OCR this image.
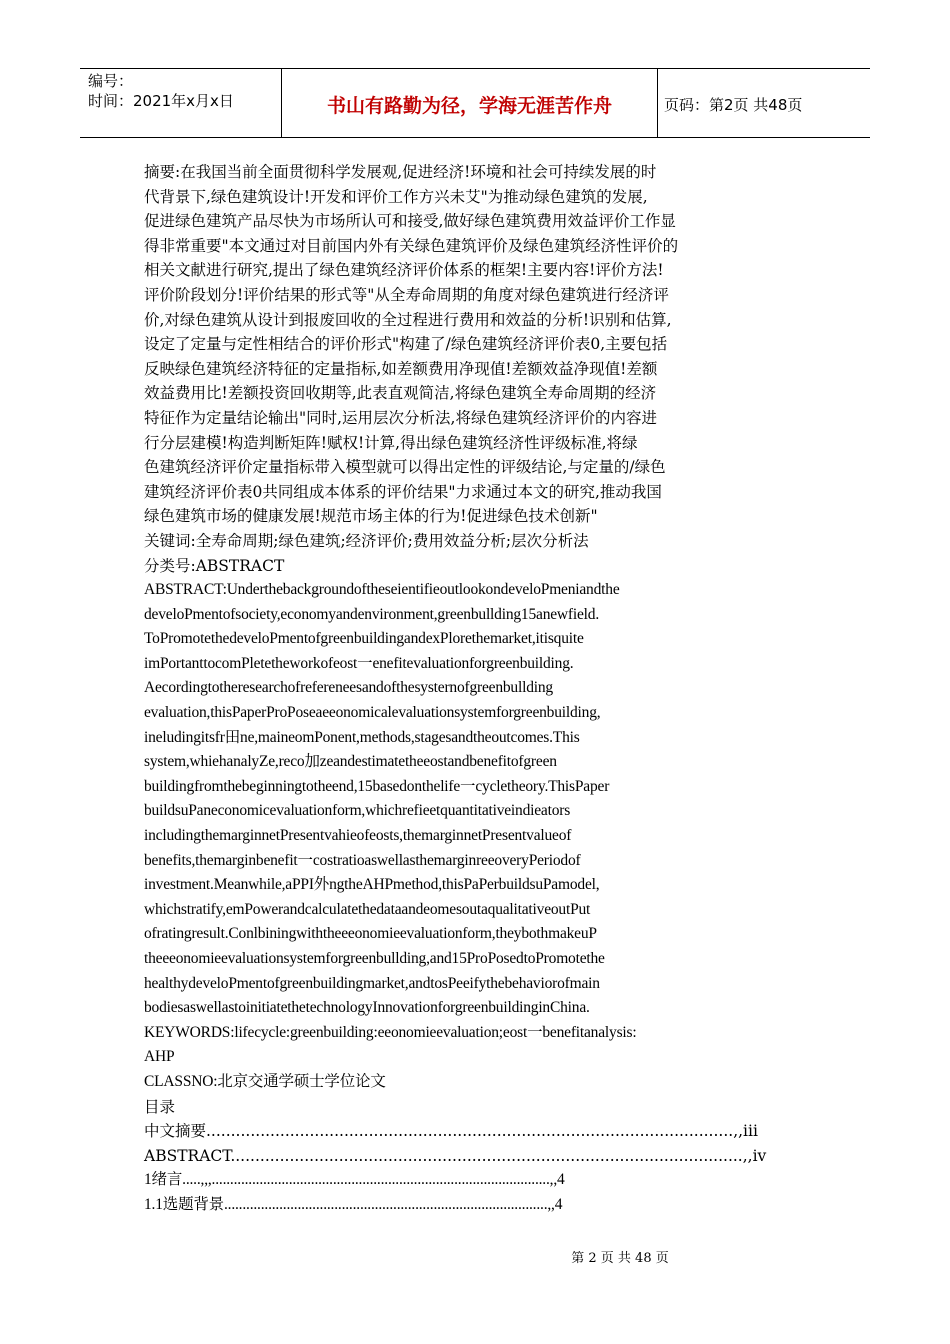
编号：
时间：2021年x月x日	书山有路勤为径，学海无涯苦作舟	页码：第2页 共48页
摘要:在我国当前全面贯彻科学发展观,促进经济!环境和社会可持续发展的时
代背景下,绿色建筑设计!开发和评价工作方兴未艾"为推动绿色建筑的发展,
促进绿色建筑产品尽快为市场所认可和接受,做好绿色建筑费用效益评价工作显
得非常重要"本文通过对目前国内外有关绿色建筑评价及绿色建筑经济性评价的
相关文献进行研究,提出了绿色建筑经济评价体系的框架!主要内容!评价方法!
评价阶段划分!评价结果的形式等"从全寿命周期的角度对绿色建筑进行经济评
价,对绿色建筑从设计到报废回收的全过程进行费用和效益的分析!识别和估算,
设定了定量与定性相结合的评价形式"构建了/绿色建筑经济评价表0,主要包括
反映绿色建筑经济特征的定量指标,如差额费用净现值!差额效益净现值!差额
效益费用比!差额投资回收期等,此表直观简洁,将绿色建筑全寿命周期的经济
特征作为定量结论输出"同时,运用层次分析法,将绿色建筑经济评价的内容进
行分层建模!构造判断矩阵!赋权!计算,得出绿色建筑经济性评级标准,将绿
色建筑经济评价定量指标带入模型就可以得出定性的评级结论,与定量的/绿色
建筑经济评价表0共同组成本体系的评价结果"力求通过本文的研究,推动我国
绿色建筑市场的健康发展!规范市场主体的行为!促进绿色技术创新"
关键词:全寿命周期;绿色建筑;经济评价;费用效益分析;层次分析法
分类号:ABSTRACT
ABSTRACT:UnderthebackgroundoftheseientifieoutlookondeveloPmeniandthe
develoPmentofsociety,economyandenvironment,greenbullding15anewfield.
ToPromotethedeveloPmentofgreenbuildingandexPlorethemarket,itisquite
imPortanttocomPletetheworkofeost一enefitevaluationforgreenbuilding.
Aecordingtotheresearchofrefereneesandofthesysternofgreenbullding
evaluation,thisPaperProPoseaeeonomicalevaluationsystemforgreenbuilding,
ineludingitsfr田ne,maineomPonent,methods,stagesandtheoutcomes.This
system,whiehanalyZe,reco加zeandestimatetheeostandbenefitofgreen
buildingfromthebeginningtotheend,15basedonthelife一cycletheory.ThisPaper
buildsuPaneconomicevaluationform,whichrefieetquantitativeindieators
includingthemarginnetPresentvahieofeosts,themarginnetPresentvalueof
benefits,themarginbenefit一costratioaswellasthemarginreeoveryPeriodof
investment.Meanwhile,aPPI外ngtheAHPmethod,thisPaPerbuildsuPamodel,
whichstratify,emPowerandcalculatethedataandeomesoutaqualitativeoutPut
ofratingresult.Conlbiningwiththeeeonomieevaluationform,theybothmakeuP
theeeonomieevaluationsystemforgreenbullding,and15ProPosedtoPromotethe
healthydeveloPmentofgreenbuildingmarket,andtosPeeifythebehaviorofmain
bodiesaswellastoinitiatethetechnologyInnovationforgreenbuildinginChina.
KEYWORDS:lifecycle:greenbuilding:eeonomieevaluation;eost一benefitanalysis:
AHP
CLASSNO:北京交通学硕士学位论文
目录
中文摘要...........................................................................................................,,iii
ABSTRACT........................................................................................................,,iv
1绪言.....,,,............................................................................................,,4
1.1选题背景........................................................................................,,4
第 2 页 共 48 页
